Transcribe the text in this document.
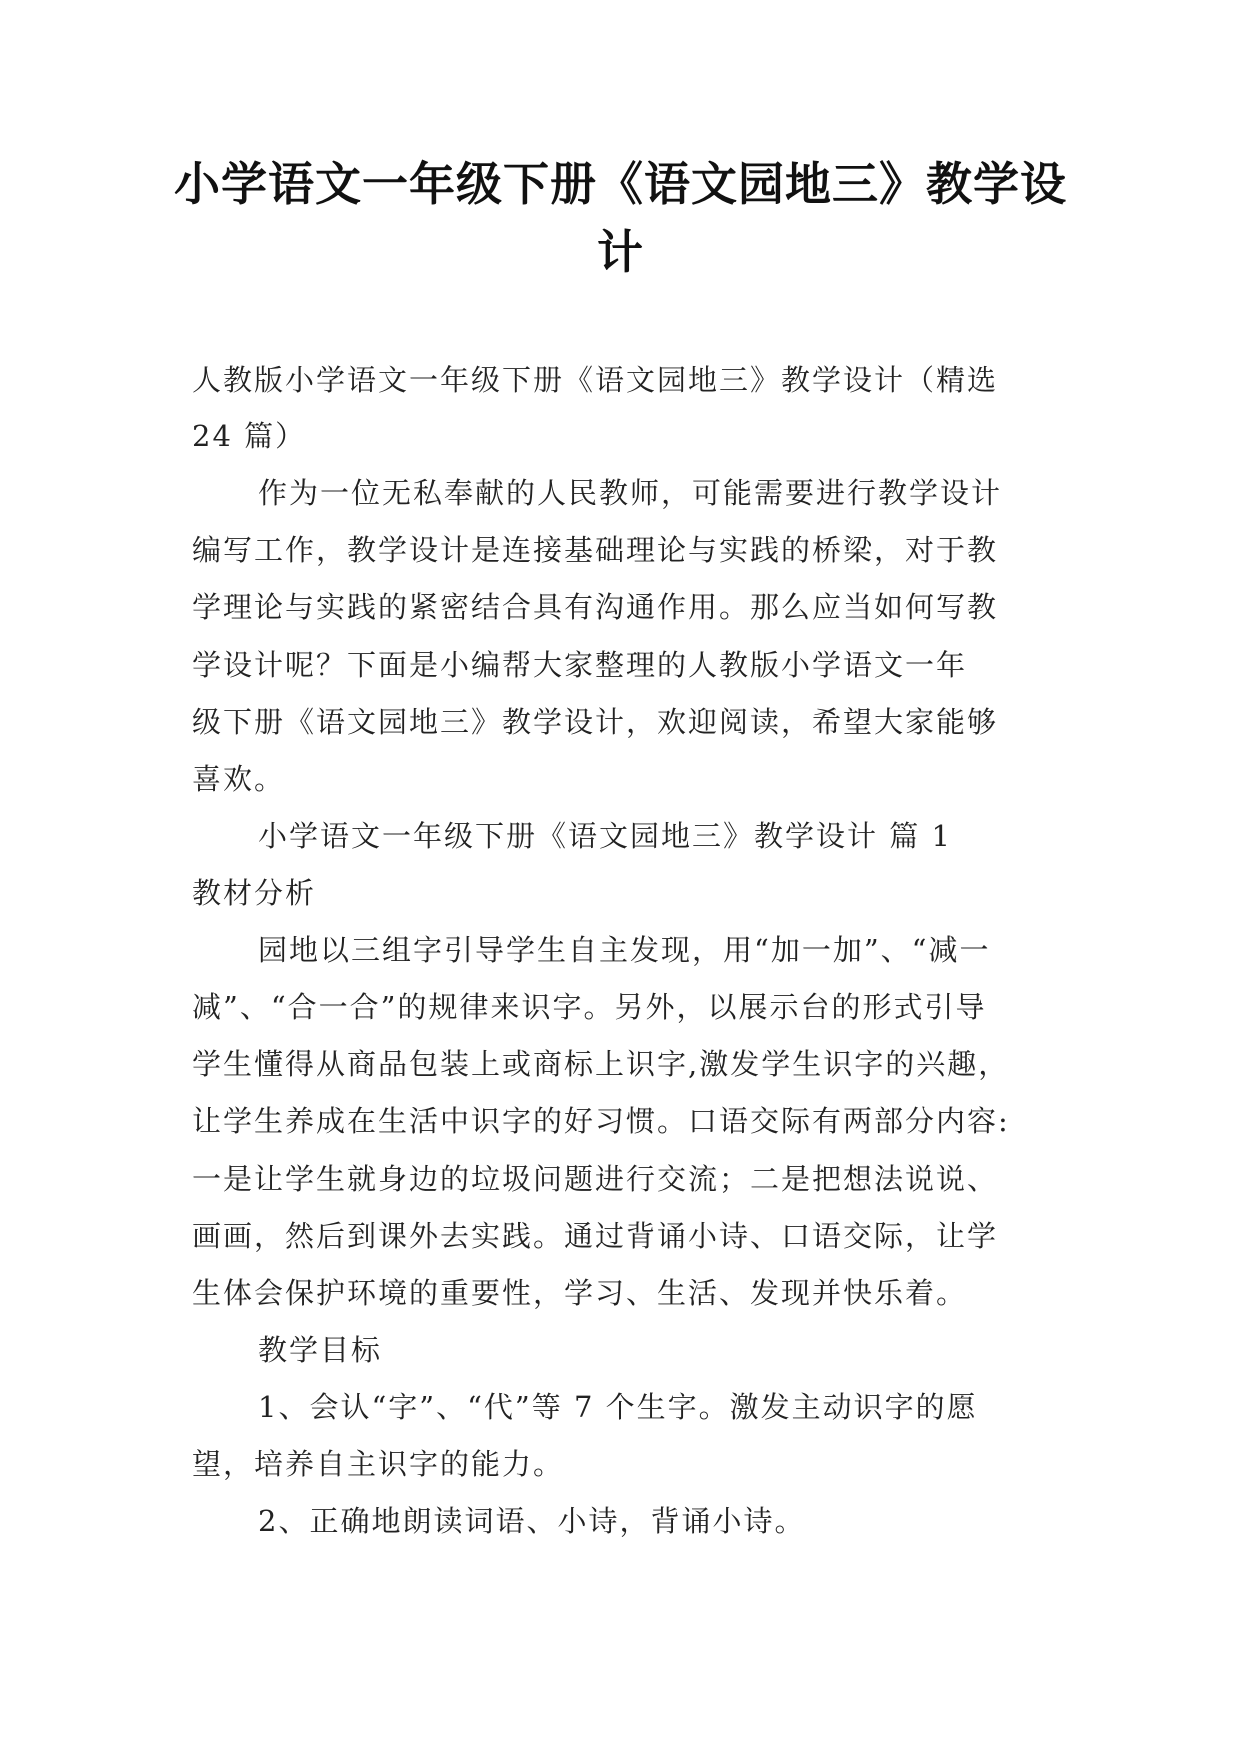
小学语文一年级下册《语文园地三》教学设
计
人教版小学语文一年级下册《语文园地三》教学设计（精选
24 篇）
作为一位无私奉献的人民教师，可能需要进行教学设计
编写工作，教学设计是连接基础理论与实践的桥梁，对于教
学理论与实践的紧密结合具有沟通作用。那么应当如何写教
学设计呢？下面是小编帮大家整理的人教版小学语文一年
级下册《语文园地三》教学设计，欢迎阅读，希望大家能够
喜欢。
小学语文一年级下册《语文园地三》教学设计 篇 1
教材分析
园地以三组字引导学生自主发现，用“加一加”、“减一
减”、“合一合”的规律来识字。另外，以展示台的形式引导
学生懂得从商品包装上或商标上识字,激发学生识字的兴趣，
让学生养成在生活中识字的好习惯。口语交际有两部分内容:
一是让学生就身边的垃圾问题进行交流；二是把想法说说、
画画，然后到课外去实践。通过背诵小诗、口语交际，让学
生体会保护环境的重要性，学习、生活、发现并快乐着。
教学目标
1、会认“字”、“代”等 7 个生字。激发主动识字的愿
望，培养自主识字的能力。
2、正确地朗读词语、小诗，背诵小诗。
